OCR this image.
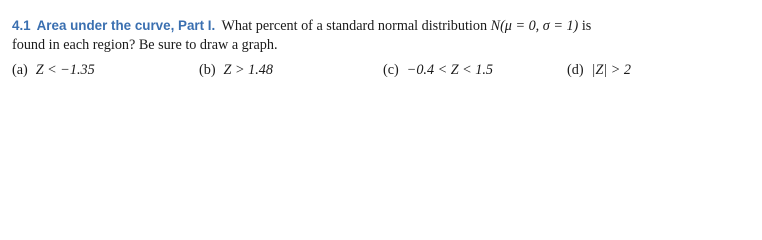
4.1 Area under the curve, Part I. What percent of a standard normal distribution N(μ = 0, σ = 1) is
found in each region? Be sure to draw a graph.
(a) Z < −1.35	(b) Z > 1.48	(c) −0.4 < Z < 1.5	(d) |Z| > 2
